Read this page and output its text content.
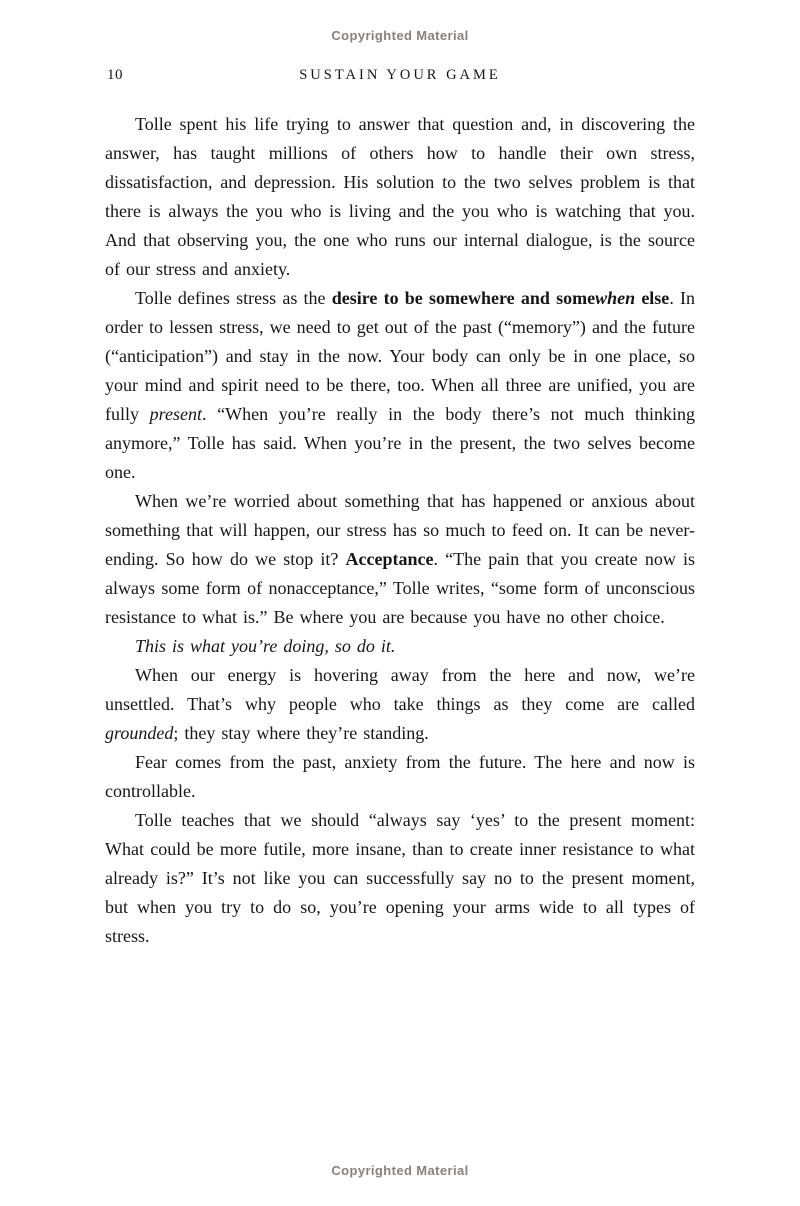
Copyrighted Material
10	SUSTAIN YOUR GAME

Tolle spent his life trying to answer that question and, in discovering the answer, has taught millions of others how to handle their own stress, dissatisfaction, and depression. His solution to the two selves problem is that there is always the you who is living and the you who is watching that you. And that observing you, the one who runs our internal dialogue, is the source of our stress and anxiety.

Tolle defines stress as the desire to be somewhere and somewhen else. In order to lessen stress, we need to get out of the past (“memory”) and the future (“anticipation”) and stay in the now. Your body can only be in one place, so your mind and spirit need to be there, too. When all three are unified, you are fully present. “When you’re really in the body there’s not much thinking anymore,” Tolle has said. When you’re in the present, the two selves become one.

When we’re worried about something that has happened or anxious about something that will happen, our stress has so much to feed on. It can be never-ending. So how do we stop it? Acceptance. “The pain that you create now is always some form of nonacceptance,” Tolle writes, “some form of unconscious resistance to what is.” Be where you are because you have no other choice.

This is what you’re doing, so do it.

When our energy is hovering away from the here and now, we’re unsettled. That’s why people who take things as they come are called grounded; they stay where they’re standing.

Fear comes from the past, anxiety from the future. The here and now is controllable.

Tolle teaches that we should “always say ‘yes’ to the present moment: What could be more futile, more insane, than to create inner resistance to what already is?” It’s not like you can successfully say no to the present moment, but when you try to do so, you’re opening your arms wide to all types of stress.

Copyrighted Material
